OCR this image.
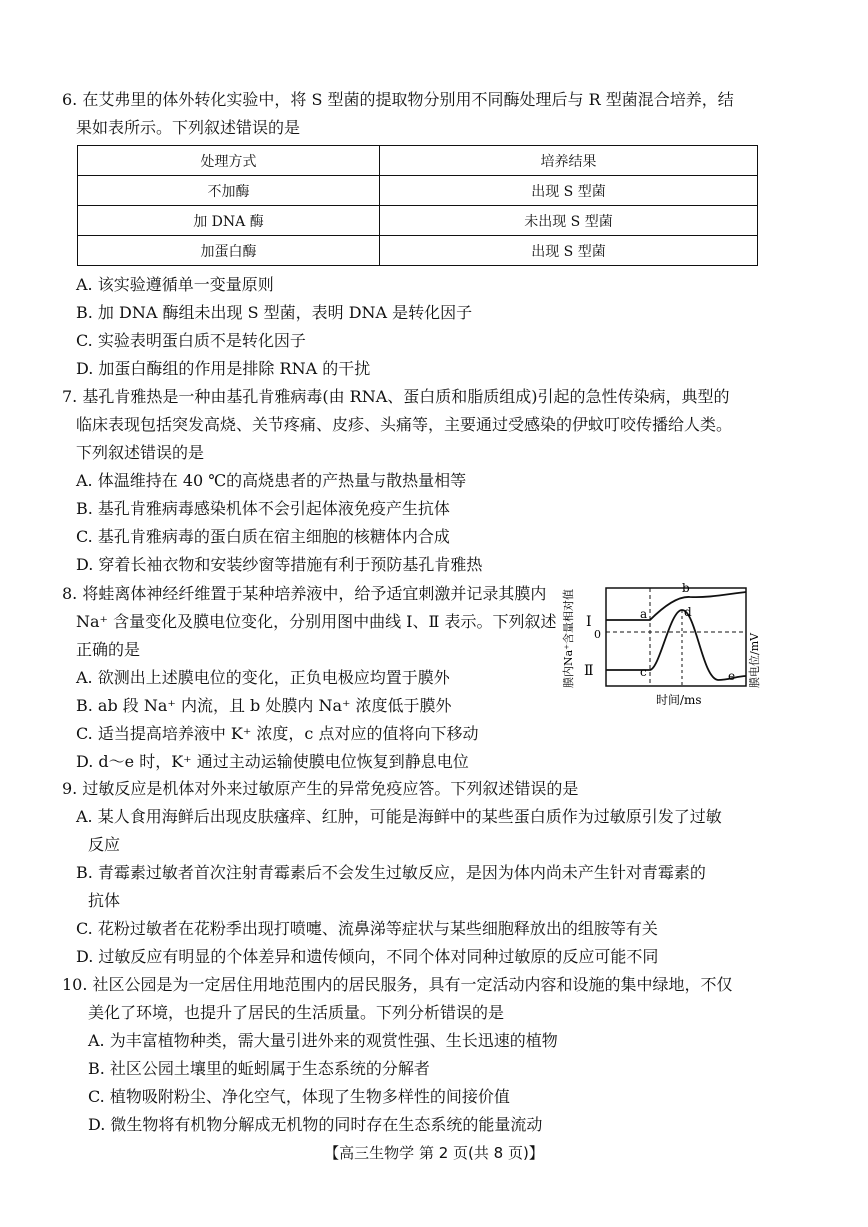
6. 在艾弗里的体外转化实验中，将 S 型菌的提取物分别用不同酶处理后与 R 型菌混合培养，结
果如表所示。下列叙述错误的是
处理方式	培养结果
不加酶	出现 S 型菌
加 DNA 酶	未出现 S 型菌
加蛋白酶	出现 S 型菌
A. 该实验遵循单一变量原则
B. 加 DNA 酶组未出现 S 型菌，表明 DNA 是转化因子
C. 实验表明蛋白质不是转化因子
D. 加蛋白酶组的作用是排除 RNA 的干扰
7. 基孔肯雅热是一种由基孔肯雅病毒(由 RNA、蛋白质和脂质组成)引起的急性传染病，典型的
临床表现包括突发高烧、关节疼痛、皮疹、头痛等，主要通过受感染的伊蚊叮咬传播给人类。
下列叙述错误的是
A. 体温维持在 40 ℃的高烧患者的产热量与散热量相等
B. 基孔肯雅病毒感染机体不会引起体液免疫产生抗体
C. 基孔肯雅病毒的蛋白质在宿主细胞的核糖体内合成
D. 穿着长袖衣物和安装纱窗等措施有利于预防基孔肯雅热
8. 将蛙离体神经纤维置于某种培养液中，给予适宜刺激并记录其膜内
Na⁺ 含量变化及膜电位变化，分别用图中曲线 Ⅰ、Ⅱ 表示。下列叙述
正确的是
A. 欲测出上述膜电位的变化，正负电极应均置于膜外
B. ab 段 Na⁺ 内流，且 b 处膜内 Na⁺ 浓度低于膜外
C. 适当提高培养液中 K⁺ 浓度，c 点对应的值将向下移动
D. d～e 时，K⁺ 通过主动运输使膜电位恢复到静息电位
Ⅰ
0
Ⅱ
a
b
c
d
e
时间/ms
膜内Na⁺含量相对值	膜电位/mV
9. 过敏反应是机体对外来过敏原产生的异常免疫应答。下列叙述错误的是
A. 某人食用海鲜后出现皮肤瘙痒、红肿，可能是海鲜中的某些蛋白质作为过敏原引发了过敏
反应
B. 青霉素过敏者首次注射青霉素后不会发生过敏反应，是因为体内尚未产生针对青霉素的
抗体
C. 花粉过敏者在花粉季出现打喷嚏、流鼻涕等症状与某些细胞释放出的组胺等有关
D. 过敏反应有明显的个体差异和遗传倾向，不同个体对同种过敏原的反应可能不同
10. 社区公园是为一定居住用地范围内的居民服务，具有一定活动内容和设施的集中绿地，不仅
美化了环境，也提升了居民的生活质量。下列分析错误的是
A. 为丰富植物种类，需大量引进外来的观赏性强、生长迅速的植物
B. 社区公园土壤里的蚯蚓属于生态系统的分解者
C. 植物吸附粉尘、净化空气，体现了生物多样性的间接价值
D. 微生物将有机物分解成无机物的同时存在生态系统的能量流动
【高三生物学 第 2 页(共 8 页)】
